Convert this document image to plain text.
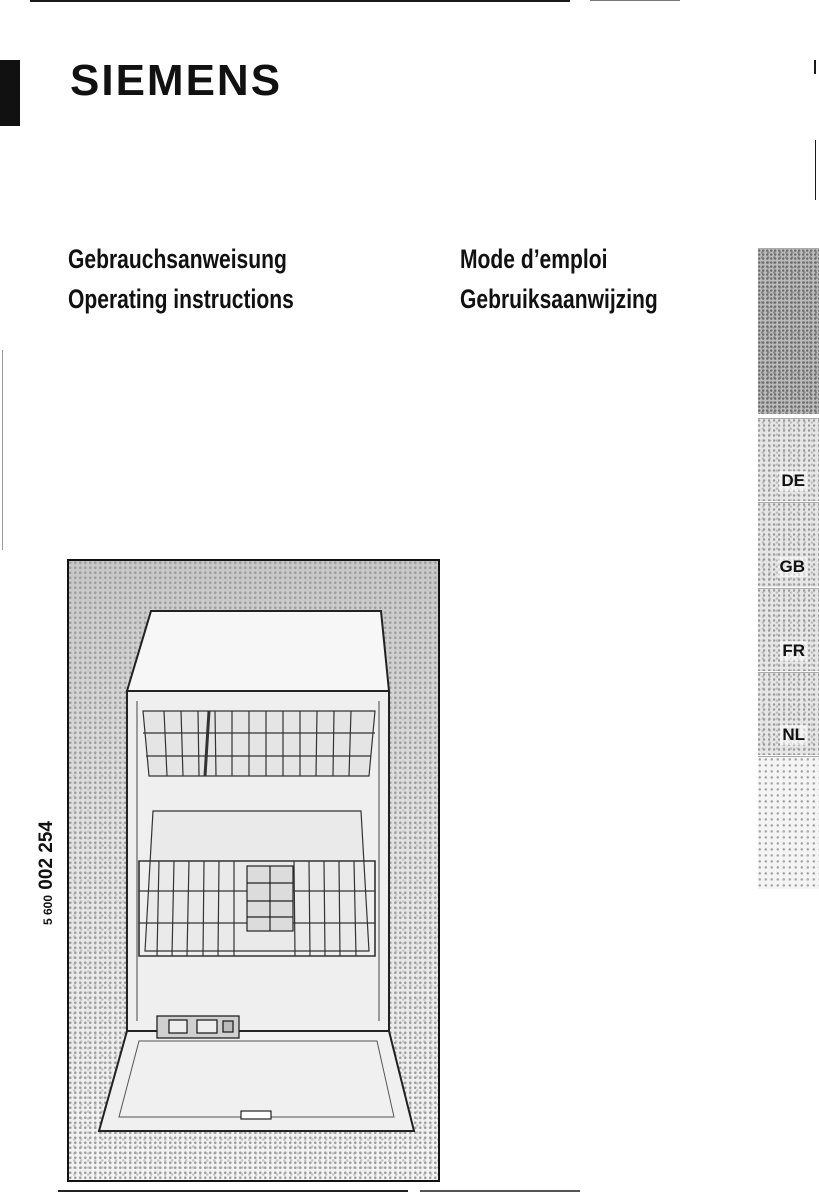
SIEMENS
Gebrauchsanweisung
Operating instructions
Mode d’emploi
Gebruiksaanwijzing
5 600 002 254
DE
GB
FR
NL
